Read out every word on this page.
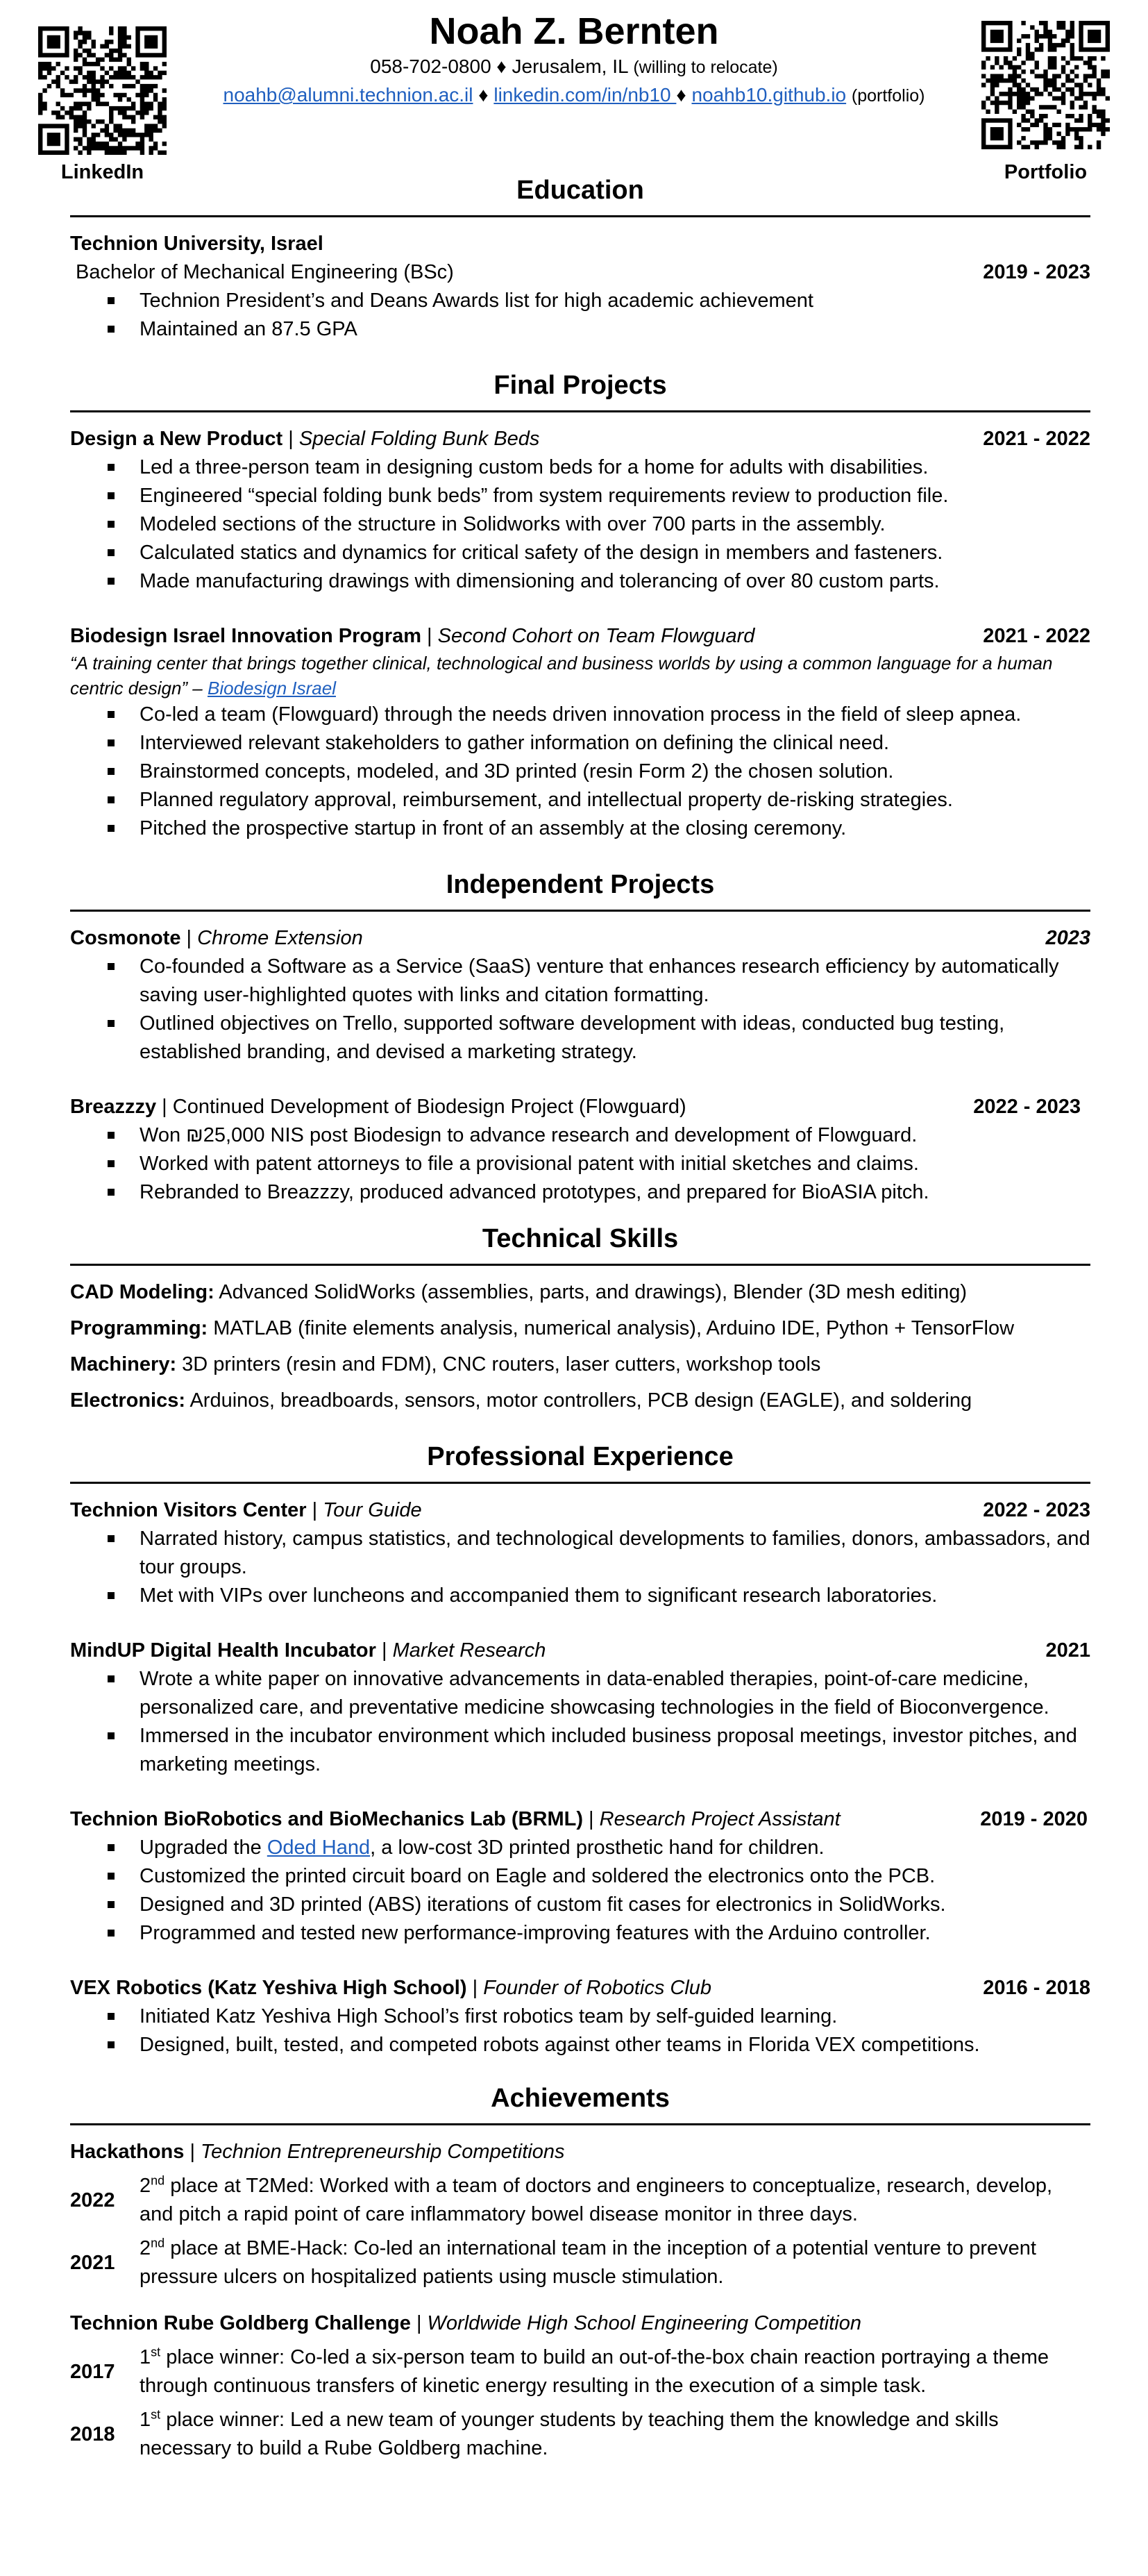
LinkedIn	Portfolio
Noah Z. Bernten
058-702-0800 ♦ Jerusalem, IL (willing to relocate)
noahb@alumni.technion.ac.il ♦ linkedin.com/in/nb10 ♦ noahb10.github.io (portfolio)
Education
Technion University, Israel
Bachelor of Mechanical Engineering (BSc)	2019 - 2023
Technion President’s and Deans Awards list for high academic achievement
Maintained an 87.5 GPA
Final Projects
Design a New Product | Special Folding Bunk Beds	2021 - 2022
Led a three-person team in designing custom beds for a home for adults with disabilities.
Engineered “special folding bunk beds” from system requirements review to production file.
Modeled sections of the structure in Solidworks with over 700 parts in the assembly.
Calculated statics and dynamics for critical safety of the design in members and fasteners.
Made manufacturing drawings with dimensioning and tolerancing of over 80 custom parts.
Biodesign Israel Innovation Program | Second Cohort on Team Flowguard	2021 - 2022
“A training center that brings together clinical, technological and business worlds by using a common language for a human centric design” – Biodesign Israel
Co-led a team (Flowguard) through the needs driven innovation process in the field of sleep apnea.
Interviewed relevant stakeholders to gather information on defining the clinical need.
Brainstormed concepts, modeled, and 3D printed (resin Form 2) the chosen solution.
Planned regulatory approval, reimbursement, and intellectual property de-risking strategies.
Pitched the prospective startup in front of an assembly at the closing ceremony.
Independent Projects
Cosmonote | Chrome Extension	2023
Co-founded a Software as a Service (SaaS) venture that enhances research efficiency by automatically saving user-highlighted quotes with links and citation formatting.
Outlined objectives on Trello, supported software development with ideas, conducted bug testing, established branding, and devised a marketing strategy.
Breazzzy | Continued Development of Biodesign Project (Flowguard)	2022 - 2023
Won ₪25,000 NIS post Biodesign to advance research and development of Flowguard.
Worked with patent attorneys to file a provisional patent with initial sketches and claims.
Rebranded to Breazzzy, produced advanced prototypes, and prepared for BioASIA pitch.
Technical Skills
CAD Modeling: Advanced SolidWorks (assemblies, parts, and drawings), Blender (3D mesh editing)
Programming: MATLAB (finite elements analysis, numerical analysis), Arduino IDE, Python + TensorFlow
Machinery: 3D printers (resin and FDM), CNC routers, laser cutters, workshop tools
Electronics: Arduinos, breadboards, sensors, motor controllers, PCB design (EAGLE), and soldering
Professional Experience
Technion Visitors Center | Tour Guide	2022 - 2023
Narrated history, campus statistics, and technological developments to families, donors, ambassadors, and tour groups.
Met with VIPs over luncheons and accompanied them to significant research laboratories.
MindUP Digital Health Incubator | Market Research	2021
Wrote a white paper on innovative advancements in data-enabled therapies, point-of-care medicine, personalized care, and preventative medicine showcasing technologies in the field of Bioconvergence.
Immersed in the incubator environment which included business proposal meetings, investor pitches, and marketing meetings.
Technion BioRobotics and BioMechanics Lab (BRML) | Research Project Assistant	2019 - 2020
Upgraded the Oded Hand, a low-cost 3D printed prosthetic hand for children.
Customized the printed circuit board on Eagle and soldered the electronics onto the PCB.
Designed and 3D printed (ABS) iterations of custom fit cases for electronics in SolidWorks.
Programmed and tested new performance-improving features with the Arduino controller.
VEX Robotics (Katz Yeshiva High School) | Founder of Robotics Club	2016 - 2018
Initiated Katz Yeshiva High School’s first robotics team by self-guided learning.
Designed, built, tested, and competed robots against other teams in Florida VEX competitions.
Achievements
Hackathons | Technion Entrepreneurship Competitions
2022
2nd place at T2Med: Worked with a team of doctors and engineers to conceptualize, research, develop, and pitch a rapid point of care inflammatory bowel disease monitor in three days.
2021
2nd place at BME-Hack: Co-led an international team in the inception of a potential venture to prevent pressure ulcers on hospitalized patients using muscle stimulation.
Technion Rube Goldberg Challenge | Worldwide High School Engineering Competition
2017
1st place winner: Co-led a six-person team to build an out-of-the-box chain reaction portraying a theme through continuous transfers of kinetic energy resulting in the execution of a simple task.
2018
1st place winner: Led a new team of younger students by teaching them the knowledge and skills necessary to build a Rube Goldberg machine.
